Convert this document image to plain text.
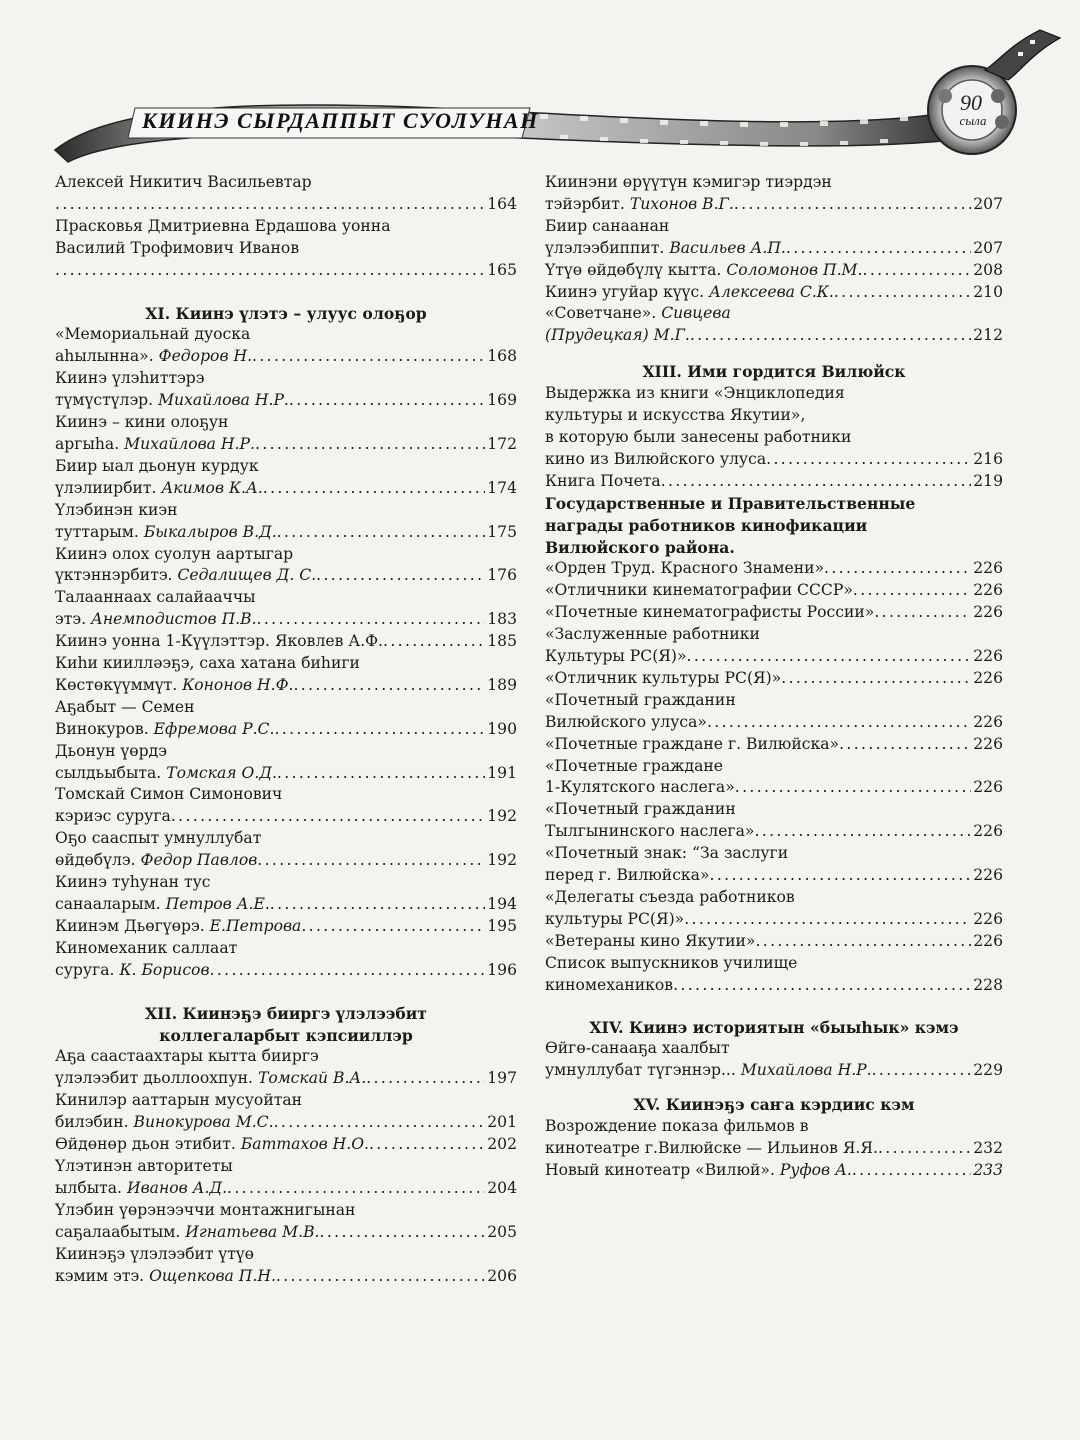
КИИНЭ СЫРДАППЫТ СУОЛУНАН
90
сыла
Алексей Никитич Васильевтар
. . .
164
Прасковья Дмитриевна Ердашова уонна
Василий Трофимович Иванов
. . .
165
XI. Киинэ үлэтэ – улуус олоҕор
«Мемориальнай дуоска
аһылынна».
Федоров Н. . . .	168
Киинэ үлэһиттэрэ
түмүстүлэр.
Михайлова Н.Р. . . .	169
Киинэ – кини олоҕун
аргыһа.
Михайлова Н.Р. . . .	172
Биир ыал дьонун курдук
үлэлиирбит.
Акимов К.А. . . .	174
Үлэбинэн киэн
туттарым.
Быкалыров В.Д. . . .	175
Киинэ олох суолун аартыгар
үктэннэрбитэ.
Седалищев Д. С. . . .	176
Талааннаах салайааччы
этэ.
Анемподистов П.В. . . .	183
Киинэ уонна 1-Күүлэттэр. Яковлев А.Ф. . . .	185
Киһи киилләэҕэ, саха хатана биһиги
Көстөкүүммүт.
Кононов Н.Ф. . . .	189
Аҕабыт — Семен
Винокуров.
Ефремова Р.С. . . .	190
Дьонун үөрдэ
сылдьыбыта.
Томская О.Д. . . .	191
Томскай Симон Симонович
кэриэс суруга . . .	192
Оҕо сааспыт умнуллубат
өйдөбүлэ.
Федор Павлов . . .	192
Киинэ туһунан тус
санааларым.
Петров А.Е. . . .	194
Киинэм Дьөгүөрэ.
Е.Петрова . . .	195
Киномеханик саллаат
суруга.
К. Борисов . . .	196
XII. Киинэҕэ бииргэ үлэлээбит
коллегаларбыт кэпсииллэр
Аҕа саастаахтары кытта бииргэ
үлэлээбит дьоллоохпун.
Томскай В.А. . . .	197
Кинилэр ааттарын мусуойтан
билэбин.
Винокурова М.С. . . .	201
Өйдөнөр дьон этибит.
Баттахов Н.О. . . .	202
Үлэтинэн авторитеты
ылбыта.
Иванов А.Д. . . .	204
Үлэбин үөрэнээччи монтажнигынан
саҕалаабытым.
Игнатьева М.В. . . .	205
Киинэҕэ үлэлээбит үтүө
кэмим этэ.
Ощепкова П.Н. . . .	206
Киинэни өрүүтүн кэмигэр тиэрдэн
тэйэрбит.
Тихонов В.Г. . . .	207
Биир санаанан
үлэлээбиппит.
Васильев А.П. . . .	207
Үтүө өйдөбүлү кытта.
Соломонов П.М. . . .	208
Киинэ угуйар күүс.
Алексеева С.К. . . .	210
«Советчане». Сивцева
(Прудецкая) М.Г. . . .	212
XIII. Ими гордится Вилюйск
Выдержка из книги «Энциклопедия
культуры и искусства Якутии»,
в которую были занесены работники
кино из Вилюйского улуса . . .	216
Книга Почета . . .	219
Государственные и Правительственные
награды работников кинофикации
Вилюйского района.
«Орден Труд. Красного Знамени» . . .	226
«Отличники кинематографии СССР» . . .	226
«Почетные кинематографисты России» . . .	226
«Заслуженные работники
Культуры РС(Я)» . . .	226
«Отличник культуры РС(Я)» . . .	226
«Почетный гражданин
Вилюйского улуса» . . .	226
«Почетные граждане г. Вилюйска» . . .	226
«Почетные граждане
1-Кулятского наслега» . . .	226
«Почетный гражданин
Тылгынинского наслега» . . .	226
«Почетный знак: “За заслуги
перед г. Вилюйска» . . .	226
«Делегаты съезда работников
культуры РС(Я)» . . .	226
«Ветераны кино Якутии» . . .	226
Список выпускников училище
киномехаников . . .	228
XIV. Киинэ историятын «быыһык» кэмэ
Өйгө-санааҕа хаалбыт
умнуллубат түгэннэр...
Михайлова Н.Р. . . .	229
XV. Киинэҕэ саҥа кэрдиис кэм
Возрождение показа фильмов в
кинотеатре г.Вилюйске — Ильинов Я.Я. . . .	232
Новый кинотеатр «Вилюй».
Руфов А. . . .	233
